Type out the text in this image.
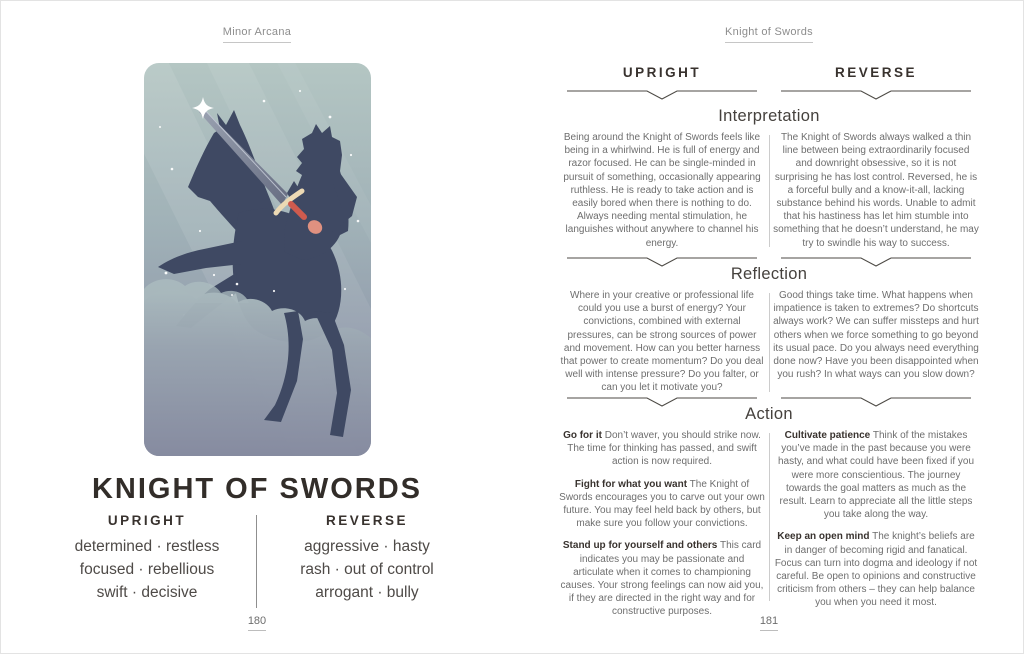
Minor Arcana
KNIGHT OF SWORDS
UPRIGHT
determined · restless
focused · rebellious
swift · decisive
REVERSE
aggressive · hasty
rash · out of control
arrogant · bully
180
Knight of Swords
UPRIGHT	REVERSE
Interpretation
Being around the Knight of Swords feels like being in a whirlwind. He is full of energy and razor focused. He can be single-minded in pursuit of something, occasionally appearing ruthless. He is ready to take action and is easily bored when there is nothing to do. Always needing mental stimulation, he languishes without anywhere to channel his energy.
The Knight of Swords always walked a thin line between being extraordinarily focused and downright obsessive, so it is not surprising he has lost control. Reversed, he is a forceful bully and a know-it-all, lacking substance behind his words. Unable to admit that his hastiness has let him stumble into something that he doesn’t understand, he may try to swindle his way to success.
Reflection
Where in your creative or professional life could you use a burst of energy? Your convictions, combined with external pressures, can be strong sources of power and movement. How can you better harness that power to create momentum? Do you deal well with intense pressure? Do you falter, or can you let it motivate you?
Good things take time. What happens when impatience is taken to extremes? Do shortcuts always work? We can suffer missteps and hurt others when we force something to go beyond its usual pace. Do you always need everything done now? Have you been disappointed when you rush? In what ways can you slow down?
Action

Go for it Don’t waver, you should strike now. The time for thinking has passed, and swift action is now required.

Fight for what you want The Knight of Swords encourages you to carve out your own future. You may feel held back by others, but make sure you follow your convictions.

Stand up for yourself and others This card indicates you may be passionate and articulate when it comes to championing causes. Your strong feelings can now aid you, if they are directed in the right way and for constructive purposes.

Cultivate patience Think of the mistakes you’ve made in the past because you were hasty, and what could have been fixed if you were more conscientious. The journey towards the goal matters as much as the result. Learn to appreciate all the little steps you take along the way.

Keep an open mind The knight’s beliefs are in danger of becoming rigid and fanatical. Focus can turn into dogma and ideology if not careful. Be open to opinions and constructive criticism from others – they can help balance you when you need it most.

181
